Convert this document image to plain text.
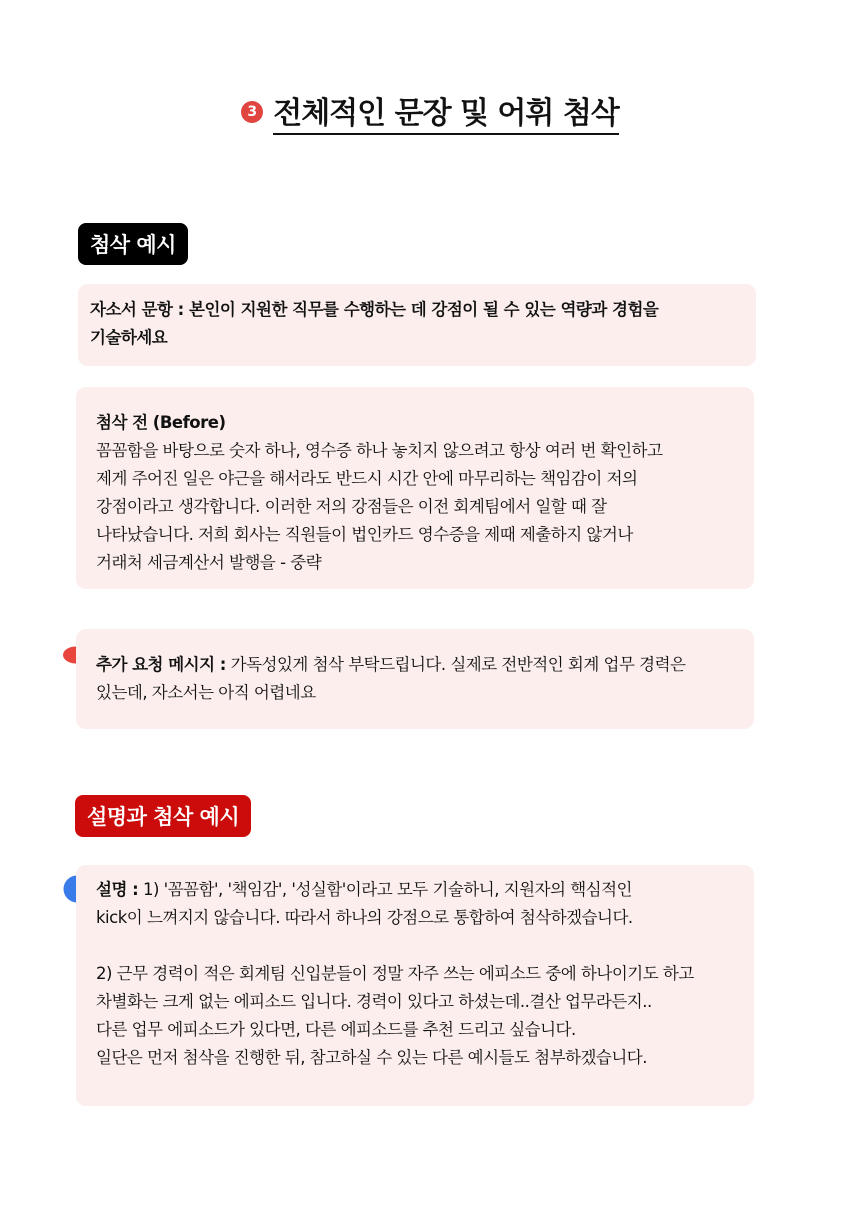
3 전체적인 문장 및 어휘 첨삭
첨삭 예시

자소서 문항 : 본인이 지원한 직무를 수행하는 데 강점이 될 수 있는 역량과 경험을

기술하세요

첨삭 전 (Before)

꼼꼼함을 바탕으로 숫자 하나, 영수증 하나 놓치지 않으려고 항상 여러 번 확인하고

제게 주어진 일은 야근을 해서라도 반드시 시간 안에 마무리하는 책임감이 저의

강점이라고 생각합니다. 이러한 저의 강점들은 이전 회계팀에서 일할 때 잘

나타났습니다. 저희 회사는 직원들이 법인카드 영수증을 제때 제출하지 않거나

거래처 세금계산서 발행을 - 중략

추가 요청 메시지 : 가독성있게 첨삭 부탁드립니다. 실제로 전반적인 회계 업무 경력은

있는데, 자소서는 아직 어렵네요

설명과 첨삭 예시

설명 : 1) '꼼꼼함', '책임감', '성실함'이라고 모두 기술하니, 지원자의 핵심적인

kick이 느껴지지 않습니다. 따라서 하나의 강점으로 통합하여 첨삭하겠습니다.

2) 근무 경력이 적은 회계팀 신입분들이 정말 자주 쓰는 에피소드 중에 하나이기도 하고

차별화는 크게 없는 에피소드 입니다. 경력이 있다고 하셨는데..결산 업무라든지..

다른 업무 에피소드가 있다면, 다른 에피소드를 추천 드리고 싶습니다.

일단은 먼저 첨삭을 진행한 뒤, 참고하실 수 있는 다른 예시들도 첨부하겠습니다.
